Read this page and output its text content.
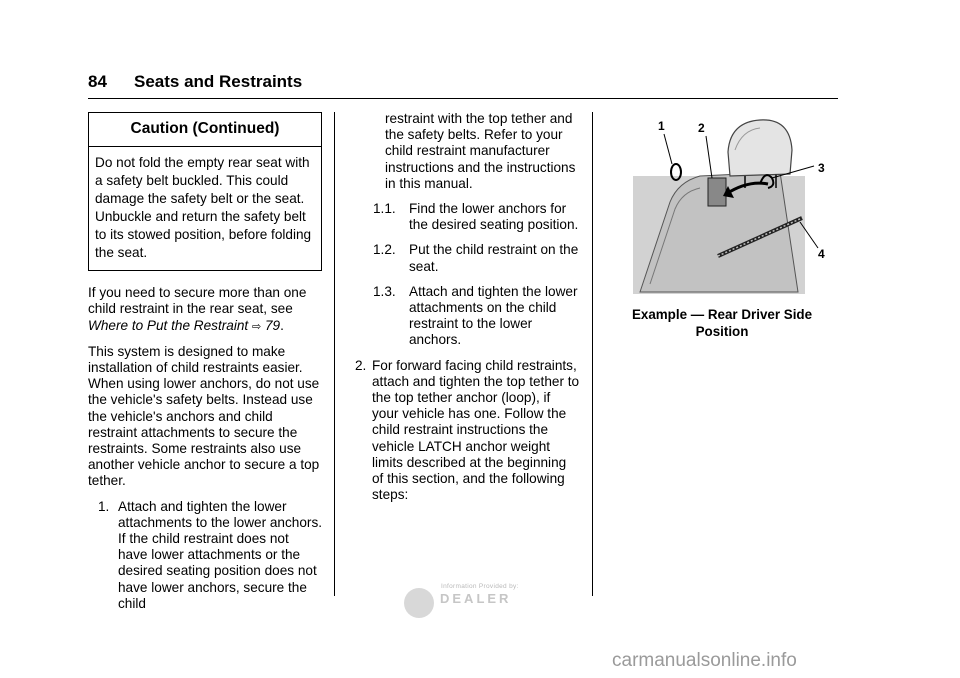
84 Seats and Restraints
Caution (Continued)
Do not fold the empty rear seat with a safety belt buckled. This could damage the safety belt or the seat. Unbuckle and return the safety belt to its stowed position, before folding the seat.

If you need to secure more than one child restraint in the rear seat, see Where to Put the Restraint ⇨ 79.

This system is designed to make installation of child restraints easier. When using lower anchors, do not use the vehicle's safety belts. Instead use the vehicle's anchors and child restraint attachments to secure the restraints. Some restraints also use another vehicle anchor to secure a top tether.

1. Attach and tighten the lower attachments to the lower anchors. If the child restraint does not have lower attachments or the desired seating position does not have lower anchors, secure the child
restraint with the top tether and the safety belts. Refer to your child restraint manufacturer instructions and the instructions in this manual.
1.1. Find the lower anchors for the desired seating position.
1.2. Put the child restraint on the seat.
1.3. Attach and tighten the lower attachments on the child restraint to the lower anchors.
2. For forward facing child restraints, attach and tighten the top tether to the top tether anchor (loop), if your vehicle has one. Follow the child restraint instructions the vehicle LATCH anchor weight limits described at the beginning of this section, and the following steps:
1	2
3
4
Example — Rear Driver Side
Position
Information Provided by:
DEALER
carmanualsonline.info
